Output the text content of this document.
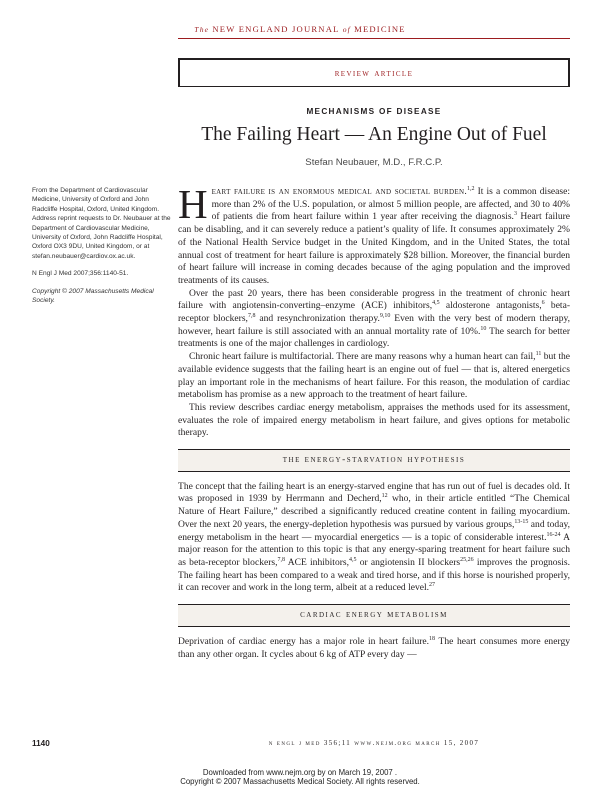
The NEW ENGLAND JOURNAL of MEDICINE
review article
MECHANISMS OF DISEASE
The Failing Heart — An Engine Out of Fuel
Stefan Neubauer, M.D., F.R.C.P.

From the Department of Cardiovascular Medicine, University of Oxford and John Radcliffe Hospital, Oxford, United Kingdom. Address reprint requests to Dr. Neubauer at the Department of Cardiovascular Medicine, University of Oxford, John Radcliffe Hospital, Oxford OX3 9DU, United Kingdom, or at stefan.neubauer@cardiov.ox.ac.uk.

N Engl J Med 2007;356:1140-51.

Copyright © 2007 Massachusetts Medical Society.

Heart failure is an enormous medical and societal burden.$^{1,2}$ It is a common disease: more than 2% of the U.S. population, or almost 5 million people, are affected, and 30 to 40% of patients die from heart failure within 1 year after receiving the diagnosis.$^3$ Heart failure can be disabling, and it can severely reduce a patient’s quality of life. It consumes approximately 2% of the National Health Service budget in the United Kingdom, and in the United States, the total annual cost of treatment for heart failure is approximately $28 billion. Moreover, the financial burden of heart failure will increase in coming decades because of the aging population and the improved treatments of its causes.

Over the past 20 years, there has been considerable progress in the treatment of chronic heart failure with angiotensin-converting–enzyme (ACE) inhibitors,$^{4,5}$ aldosterone antagonists,$^6$ beta-receptor blockers,$^{7,8}$ and resynchronization therapy.$^{9,10}$ Even with the very best of modern therapy, however, heart failure is still associated with an annual mortality rate of 10%.$^{10}$ The search for better treatments is one of the major challenges in cardiology.

Chronic heart failure is multifactorial. There are many reasons why a human heart can fail,$^{11}$ but the available evidence suggests that the failing heart is an engine out of fuel — that is, altered energetics play an important role in the mechanisms of heart failure. For this reason, the modulation of cardiac metabolism has promise as a new approach to the treatment of heart failure.

This review describes cardiac energy metabolism, appraises the methods used for its assessment, evaluates the role of impaired energy metabolism in heart failure, and gives options for metabolic therapy.

the energy-starvation hypothesis

The concept that the failing heart is an energy-starved engine that has run out of fuel is decades old. It was proposed in 1939 by Herrmann and Decherd,$^{12}$ who, in their article entitled “The Chemical Nature of Heart Failure,” described a significantly reduced creatine content in failing myocardium. Over the next 20 years, the energy-depletion hypothesis was pursued by various groups,$^{13-15}$ and today, energy metabolism in the heart — myocardial energetics — is a topic of considerable interest.$^{16-24}$ A major reason for the attention to this topic is that any energy-sparing treatment for heart failure such as beta-receptor blockers,$^{7,8}$ ACE inhibitors,$^{4,5}$ or angiotensin II blockers$^{25,26}$ improves the prognosis. The failing heart has been compared to a weak and tired horse, and if this horse is nourished properly, it can recover and work in the long term, albeit at a reduced level.$^{27}$

cardiac energy metabolism

Deprivation of cardiac energy has a major role in heart failure.$^{18}$ The heart consumes more energy than any other organ. It cycles about 6 kg of ATP every day —

1140	n engl j med 356;11 www.nejm.org march 15, 2007
Downloaded from www.nejm.org by on March 19, 2007 .
Copyright © 2007 Massachusetts Medical Society. All rights reserved.
